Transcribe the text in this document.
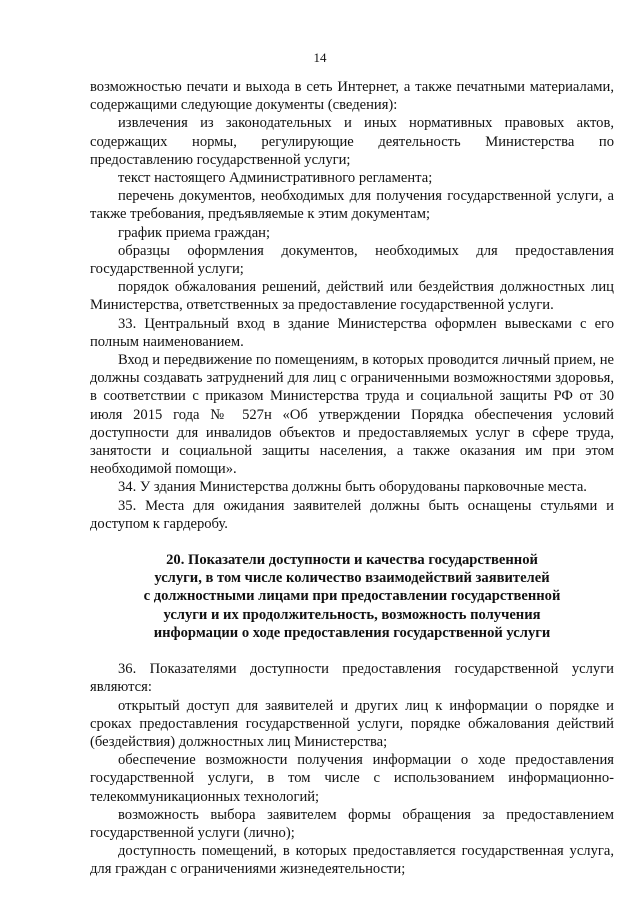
14

возможностью печати и выхода в сеть Интернет, а также печатными материалами, содержащими следующие документы (сведения):

извлечения из законодательных и иных нормативных правовых актов, содержащих нормы, регулирующие деятельность Министерства по предоставлению государственной услуги;

текст настоящего Административного регламента;

перечень документов, необходимых для получения государственной услуги, а также требования, предъявляемые к этим документам;

график приема граждан;

образцы оформления документов, необходимых для предоставления государственной услуги;

порядок обжалования решений, действий или бездействия должностных лиц Министерства, ответственных за предоставление государственной услуги.

33. Центральный вход в здание Министерства оформлен вывесками с его полным наименованием.

Вход и передвижение по помещениям, в которых проводится личный прием, не должны создавать затруднений для лиц с ограниченными возможностями здоровья, в соответствии с приказом Министерства труда и социальной защиты РФ от 30 июля 2015 года № 527н «Об утверждении Порядка обеспечения условий доступности для инвалидов объектов и предоставляемых услуг в сфере труда, занятости и социальной защиты населения, а также оказания им при этом необходимой помощи».

34. У здания Министерства должны быть оборудованы парковочные места.

35. Места для ожидания заявителей должны быть оснащены стульями и доступом к гардеробу.

20. Показатели доступности и качества государственной
услуги, в том числе количество взаимодействий заявителей
с должностными лицами при предоставлении государственной
услуги и их продолжительность, возможность получения
информации о ходе предоставления государственной услуги

36. Показателями доступности предоставления государственной услуги являются:

открытый доступ для заявителей и других лиц к информации о порядке и сроках предоставления государственной услуги, порядке обжалования действий (бездействия) должностных лиц Министерства;

обеспечение возможности получения информации о ходе предоставления государственной услуги, в том числе с использованием информационно-телекоммуникационных технологий;

возможность выбора заявителем формы обращения за предоставлением государственной услуги (лично);

доступность помещений, в которых предоставляется государственная услуга, для граждан с ограничениями жизнедеятельности;
